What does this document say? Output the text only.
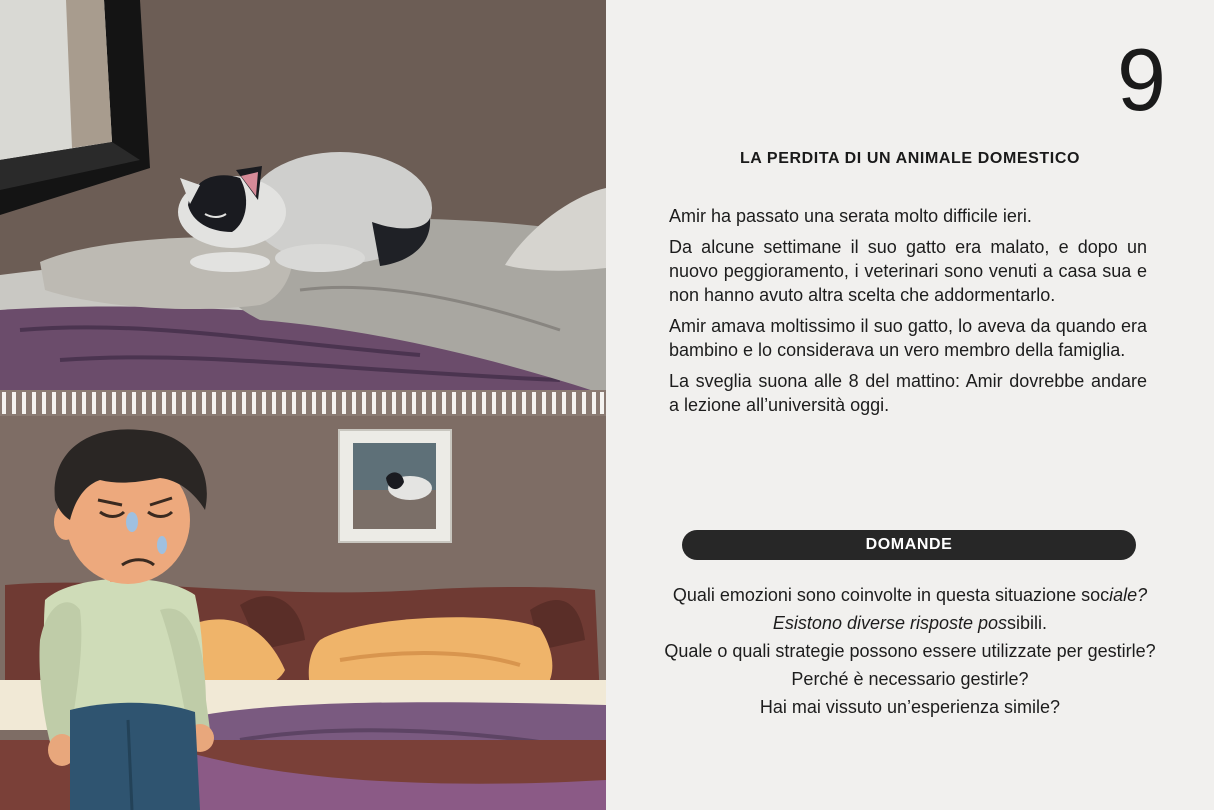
9
LA PERDITA DI UN ANIMALE DOMESTICO

Amir ha passato una serata molto difficile ieri.

Da alcune settimane il suo gatto era malato, e dopo un nuovo peggioramento, i veterinari sono venuti a casa sua e non hanno avuto altra scelta che addormentarlo.

Amir amava moltissimo il suo gatto, lo aveva da quando era bambino e lo considerava un vero membro della famiglia.

La sveglia suona alle 8 del mattino: Amir dovrebbe andare a lezione all’università oggi.

DOMANDE
Quali emozioni sono coinvolte in questa situazione sociale?
Esistono diverse risposte possibili.
Quale o quali strategie possono essere utilizzate per gestirle?
Perché è necessario gestirle?
Hai mai vissuto un’esperienza simile?
